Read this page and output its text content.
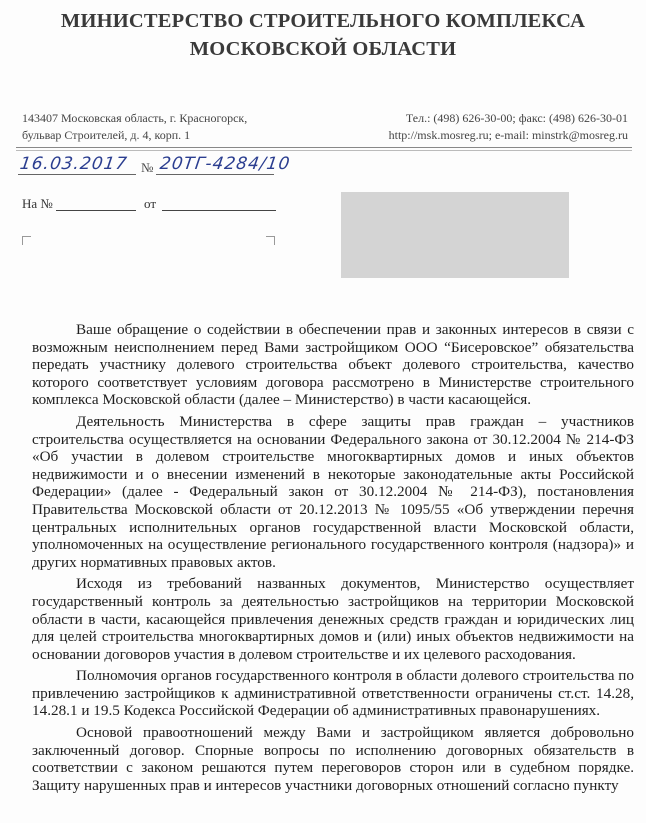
МИНИСТЕРСТВО СТРОИТЕЛЬНОГО КОМПЛЕКСА
МОСКОВСКОЙ ОБЛАСТИ
143407 Московская область, г. Красногорск,
бульвар Строителей, д. 4, корп. 1
Тел.: (498) 626-30-00; факс: (498) 626-30-01
http://msk.mosreg.ru; e-mail: minstrk@mosreg.ru
16.03.2017 № 20ТГ-4284/10
На №	от

Ваше обращение о содействии в обеспечении прав и законных интересов в связи с возможным неисполнением перед Вами застройщиком ООО “Бисеровское” обязательства передать участнику долевого строительства объект долевого строительства, качество которого соответствует условиям договора рассмотрено в Министерстве строительного комплекса Московской области (далее – Министерство) в части касающейся.

Деятельность Министерства в сфере защиты прав граждан – участников строительства осуществляется на основании Федерального закона от 30.12.2004 № 214-ФЗ «Об участии в долевом строительстве многоквартирных домов и иных объектов недвижимости и о внесении изменений в некоторые законодательные акты Российской Федерации» (далее - Федеральный закон от 30.12.2004 № 214-ФЗ), постановления Правительства Московской области от 20.12.2013 № 1095/55 «Об утверждении перечня центральных исполнительных органов государственной власти Московской области, уполномоченных на осуществление регионального государственного контроля (надзора)» и других нормативных правовых актов.

Исходя из требований названных документов, Министерство осуществляет государственный контроль за деятельностью застройщиков на территории Московской области в части, касающейся привлечения денежных средств граждан и юридических лиц для целей строительства многоквартирных домов и (или) иных объектов недвижимости на основании договоров участия в долевом строительстве и их целевого расходования.

Полномочия органов государственного контроля в области долевого строительства по привлечению застройщиков к административной ответственности ограничены ст.ст. 14.28, 14.28.1 и 19.5 Кодекса Российской Федерации об административных правонарушениях.

Основой правоотношений между Вами и застройщиком является добровольно заключенный договор. Спорные вопросы по исполнению договорных обязательств в соответствии с законом решаются путем переговоров сторон или в судебном порядке. Защиту нарушенных прав и интересов участники договорных отношений согласно пункту
